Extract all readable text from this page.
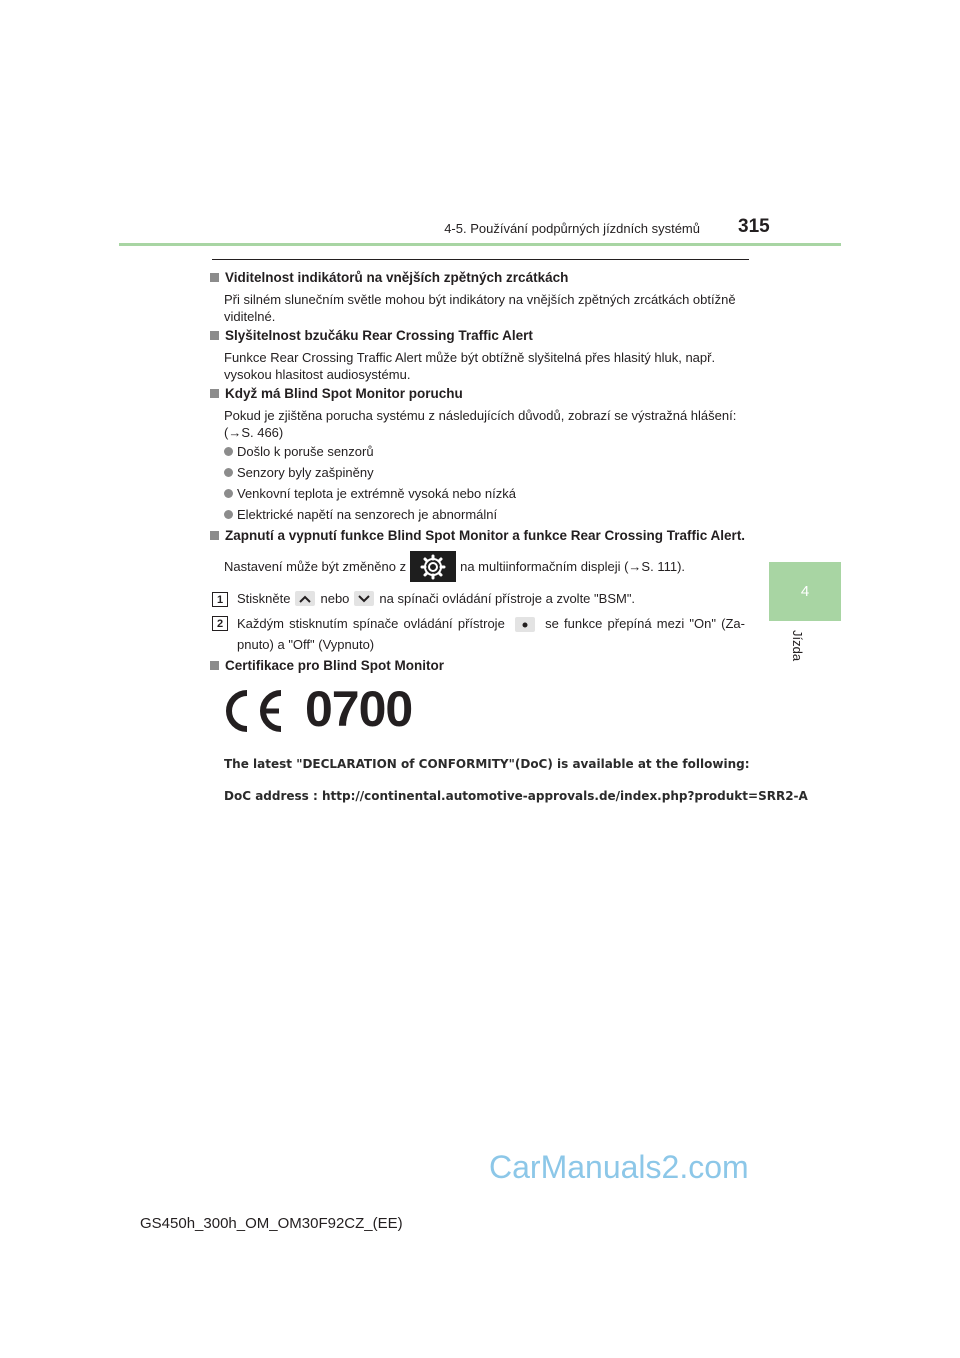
4-5. Používání podpůrných jízdních systémů 315
4
Jízda
Viditelnost indikátorů na vnějších zpětných zrcátkách
Při silném slunečním světle mohou být indikátory na vnějších zpětných zrcátkách obtížně viditelné.
Slyšitelnost bzučáku Rear Crossing Traffic Alert
Funkce Rear Crossing Traffic Alert může být obtížně slyšitelná přes hlasitý hluk, např. vysokou hlasitost audiosystému.
Když má Blind Spot Monitor poruchu
Pokud je zjištěna porucha systému z následujících důvodů, zobrazí se výstražná hlášení: (→S. 466)
Došlo k poruše senzorů
Senzory byly zašpiněny
Venkovní teplota je extrémně vysoká nebo nízká
Elektrické napětí na senzorech je abnormální
Zapnutí a vypnutí funkce Blind Spot Monitor a funkce Rear Crossing Traffic Alert.
Nastavení může být změněno z	na multiinformačním displeji (→S. 111).
1	Stiskněte nebo na spínači ovládání přístroje a zvolte "BSM".
2	Každým stisknutím spínače ovládání přístroje	se funkce přepíná mezi "On" (Za-
pnuto) a "Off" (Vypnuto)
Certifikace pro Blind Spot Monitor
0700
The latest "DECLARATION of CONFORMITY"(DoC) is available at the following:
DoC address : http://continental.automotive-approvals.de/index.php?produkt=SRR2-A
CarManuals2.com
GS450h_300h_OM_OM30F92CZ_(EE)
